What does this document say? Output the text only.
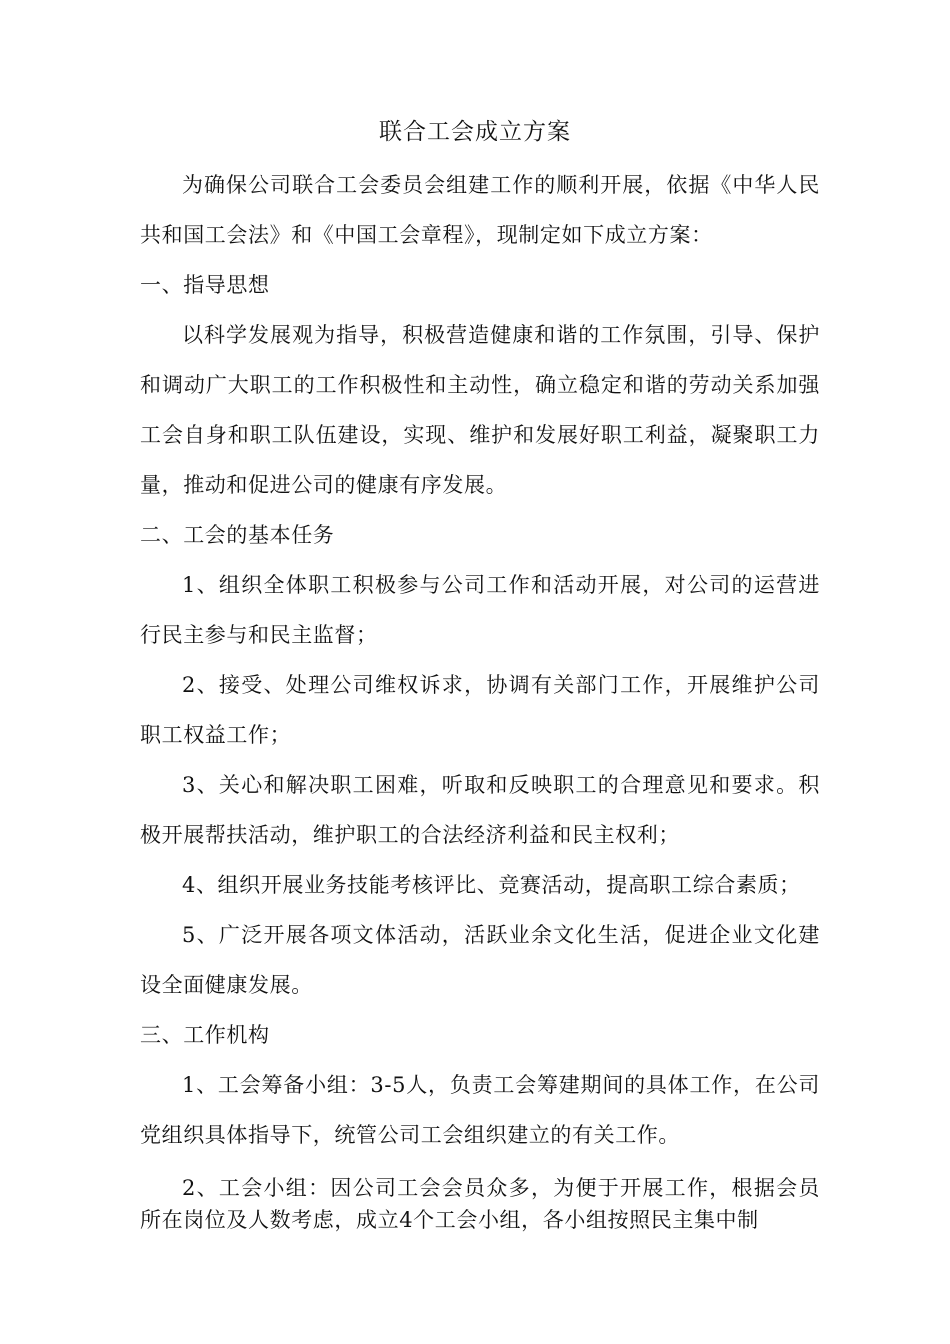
联合工会成立方案

为确保公司联合工会委员会组建工作的顺利开展，依据《中华人民共和国工会法》和《中国工会章程》，现制定如下成立方案：

一、指导思想

以科学发展观为指导，积极营造健康和谐的工作氛围，引导、保护和调动广大职工的工作积极性和主动性，确立稳定和谐的劳动关系加强工会自身和职工队伍建设，实现、维护和发展好职工利益，凝聚职工力量，推动和促进公司的健康有序发展。

二、工会的基本任务

1、组织全体职工积极参与公司工作和活动开展，对公司的运营进行民主参与和民主监督；

2、接受、处理公司维权诉求，协调有关部门工作，开展维护公司职工权益工作；

3、关心和解决职工困难，听取和反映职工的合理意见和要求。积极开展帮扶活动，维护职工的合法经济利益和民主权利；

4、组织开展业务技能考核评比、竞赛活动，提高职工综合素质；

5、广泛开展各项文体活动，活跃业余文化生活，促进企业文化建设全面健康发展。

三、工作机构

1、工会筹备小组：3-5人，负责工会筹建期间的具体工作，在公司党组织具体指导下，统管公司工会组织建立的有关工作。

2、工会小组：因公司工会会员众多，为便于开展工作，根据会员所在岗位及人数考虑，成立4个工会小组，各小组按照民主集中制
